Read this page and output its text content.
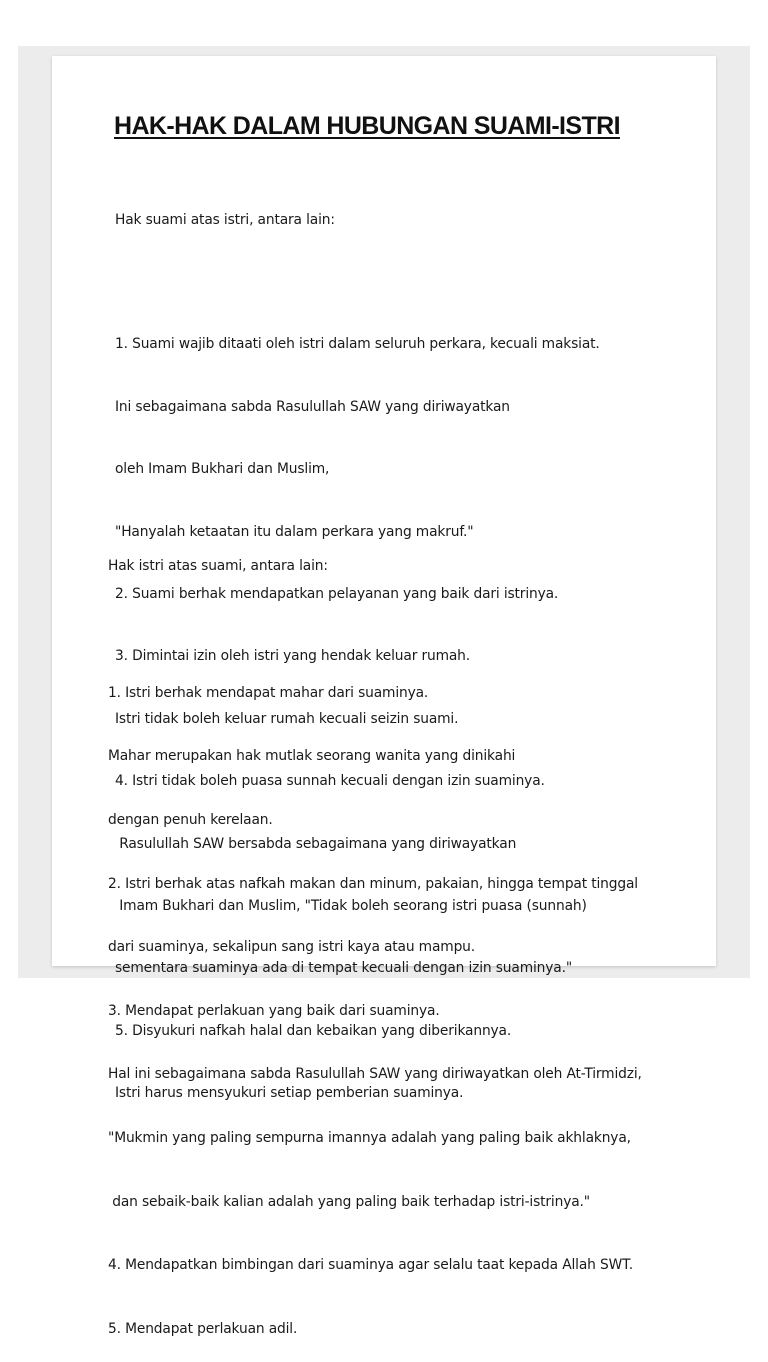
HAK-HAK DALAM HUBUNGAN SUAMI-ISTRI

Hak suami atas istri, antara lain:

1. Suami wajib ditaati oleh istri dalam seluruh perkara, kecuali maksiat.

Ini sebagaimana sabda Rasulullah SAW yang diriwayatkan

oleh Imam Bukhari dan Muslim,

"Hanyalah ketaatan itu dalam perkara yang makruf."

2. Suami berhak mendapatkan pelayanan yang baik dari istrinya.

3. Dimintai izin oleh istri yang hendak keluar rumah.

Istri tidak boleh keluar rumah kecuali seizin suami.

4. Istri tidak boleh puasa sunnah kecuali dengan izin suaminya.

Rasulullah SAW bersabda sebagaimana yang diriwayatkan

Imam Bukhari dan Muslim, "Tidak boleh seorang istri puasa (sunnah)

sementara suaminya ada di tempat kecuali dengan izin suaminya."

5. Disyukuri nafkah halal dan kebaikan yang diberikannya.

Istri harus mensyukuri setiap pemberian suaminya.

Hak istri atas suami, antara lain:

1. Istri berhak mendapat mahar dari suaminya.

Mahar merupakan hak mutlak seorang wanita yang dinikahi

dengan penuh kerelaan.

2. Istri berhak atas nafkah makan dan minum, pakaian, hingga tempat tinggal

dari suaminya, sekalipun sang istri kaya atau mampu.

3. Mendapat perlakuan yang baik dari suaminya.

Hal ini sebagaimana sabda Rasulullah SAW yang diriwayatkan oleh At-Tirmidzi,

"Mukmin yang paling sempurna imannya adalah yang paling baik akhlaknya,

dan sebaik-baik kalian adalah yang paling baik terhadap istri-istrinya."

4. Mendapatkan bimbingan dari suaminya agar selalu taat kepada Allah SWT.

5. Mendapat perlakuan adil.
